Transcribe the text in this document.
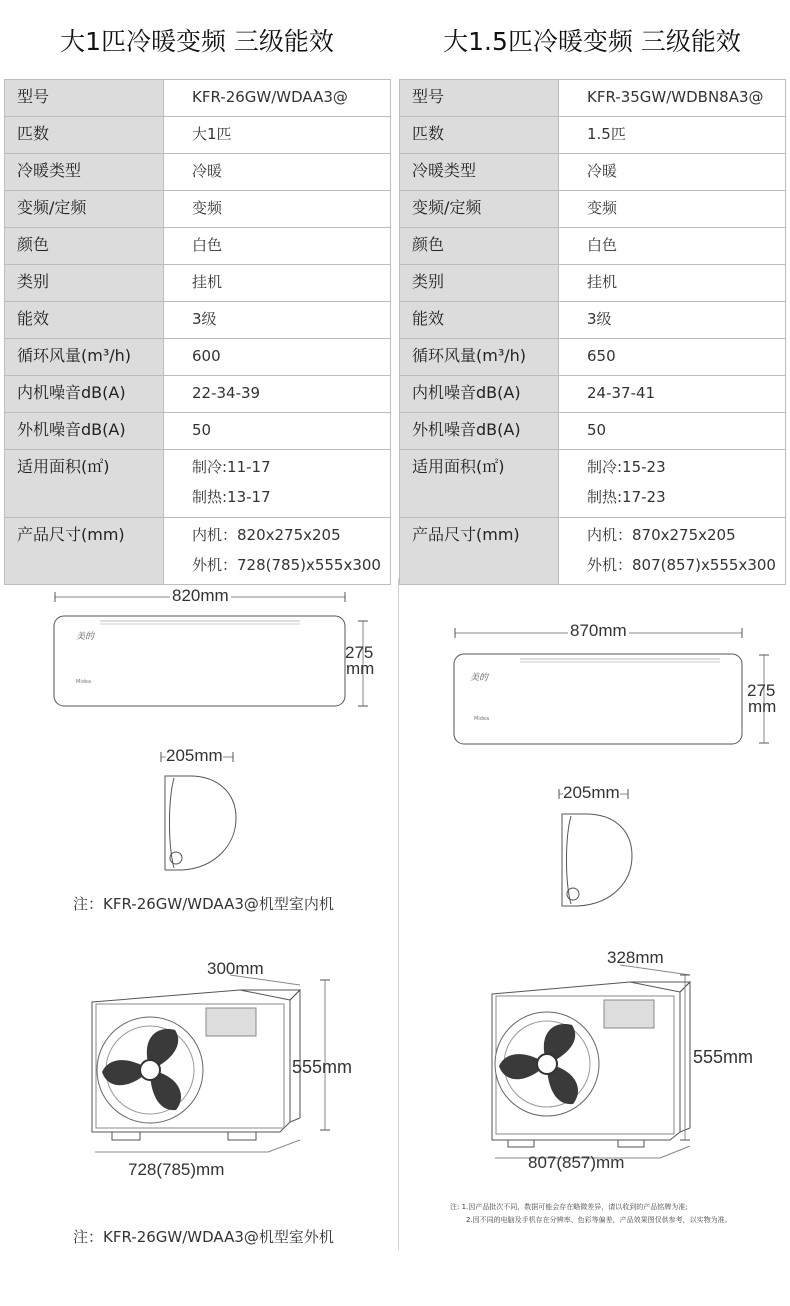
大1匹冷暖变频 三级能效	大1.5匹冷暖变频 三级能效
型号	KFR-26GW/WDAA3@

匹数	大1匹

冷暖类型	冷暖

变频/定频	变频

颜色	白色

类别	挂机

能效	3级

循环风量(m³/h)	600

内机噪音dB(A)	22-34-39

外机噪音dB(A)	50

适用面积(㎡)	制冷:11-17
制热:13-17

产品尺寸(mm)	内机：820x275x205
外机：728(785)x555x300
型号	KFR-35GW/WDBN8A3@

匹数	1.5匹

冷暖类型	冷暖

变频/定频	变频

颜色	白色

类别	挂机

能效	3级

循环风量(m³/h)	650

内机噪音dB(A)	24-37-41

外机噪音dB(A)	50

适用面积(㎡)	制冷:15-23
制热:17-23

产品尺寸(mm)	内机：870x275x205
外机：807(857)x555x300
美的
Midea	美的
Midea
820mm
275
mm
205mm
注：KFR-26GW/WDAA3@机型室内机
300mm
555mm
728(785)mm
注：KFR-26GW/WDAA3@机型室外机
870mm
275
mm
205mm
328mm
555mm
807(857)mm
注: 1.因产品批次不同，数据可能会存在略微差异，请以收到的产品铭牌为准;
2.因不同的电脑及手机存在分辨率、色彩等偏差，产品效果图仅供参考，以实物为准。
